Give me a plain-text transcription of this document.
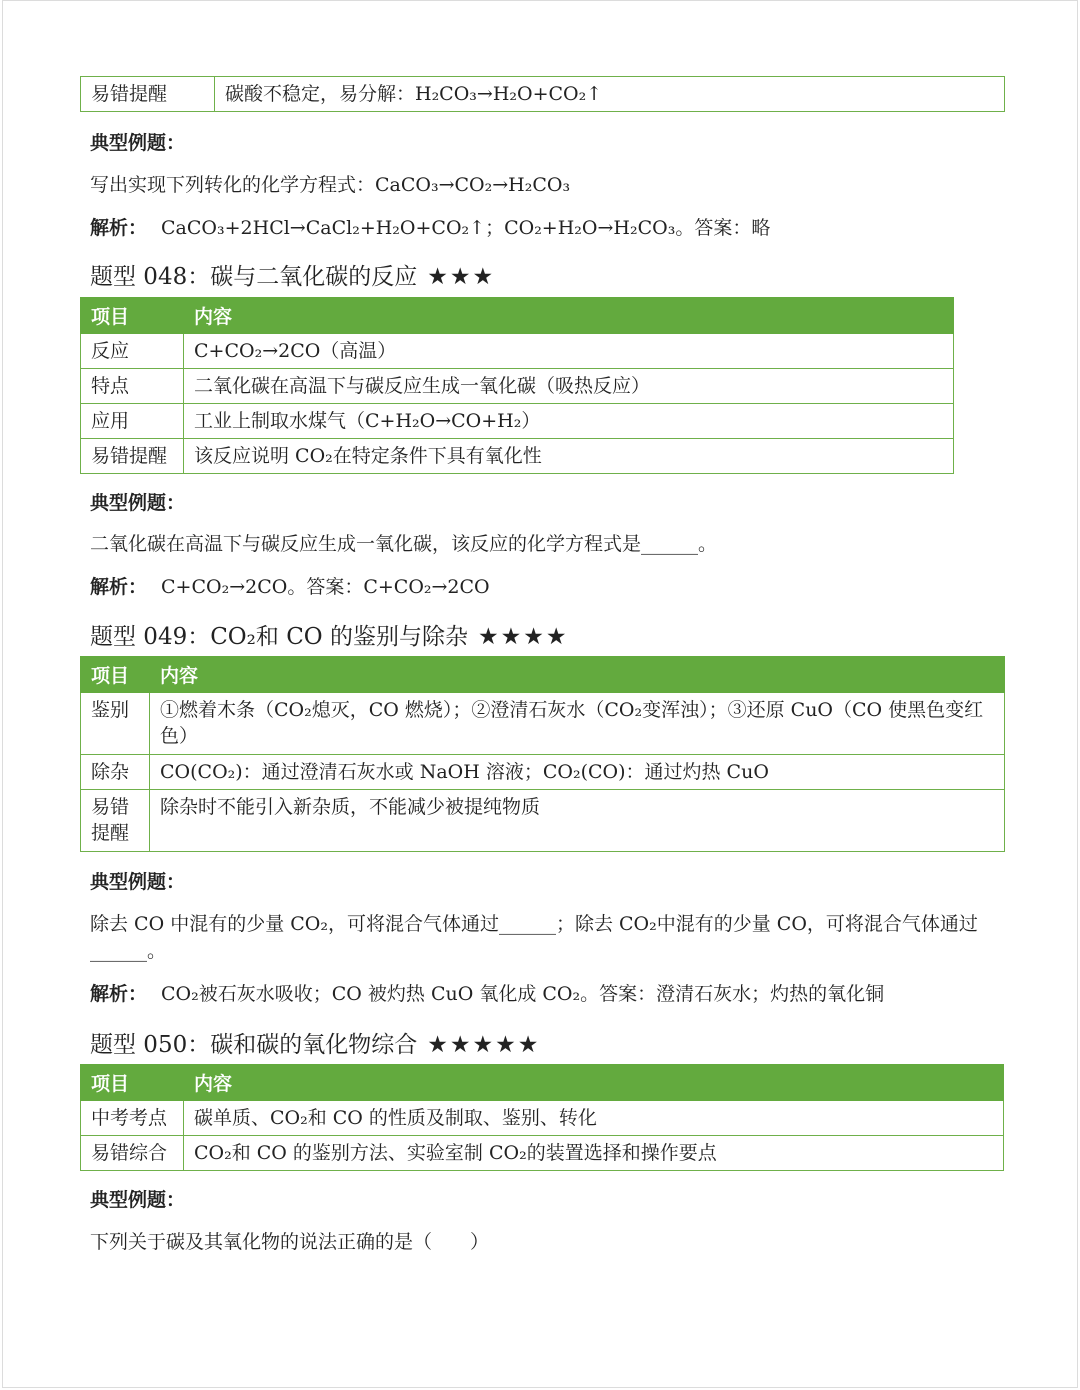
易错提醒	碳酸不稳定，易分解：H₂CO₃→H₂O+CO₂↑
典型例题：
写出实现下列转化的化学方程式：CaCO₃→CO₂→H₂CO₃
解析： CaCO₃+2HCl→CaCl₂+H₂O+CO₂↑；CO₂+H₂O→H₂CO₃。答案：略
题型 048：碳与二氧化碳的反应 ★★★
项目	内容
反应	C+CO₂→2CO（高温）
特点	二氧化碳在高温下与碳反应生成一氧化碳（吸热反应）
应用	工业上制取水煤气（C+H₂O→CO+H₂）
易错提醒	该反应说明 CO₂在特定条件下具有氧化性
典型例题：
二氧化碳在高温下与碳反应生成一氧化碳，该反应的化学方程式是______。
解析： C+CO₂→2CO。答案：C+CO₂→2CO
题型 049：CO₂和 CO 的鉴别与除杂 ★★★★
项目	内容
鉴别	①燃着木条（CO₂熄灭，CO 燃烧）；②澄清石灰水（CO₂变浑浊）；③还原 CuO（CO 使黑色变红色）
除杂	CO(CO₂)：通过澄清石灰水或 NaOH 溶液；CO₂(CO)：通过灼热 CuO
易错提醒	除杂时不能引入新杂质，不能减少被提纯物质
典型例题：
除去 CO 中混有的少量 CO₂，可将混合气体通过______；除去 CO₂中混有的少量 CO，可将混合气体通过______。
解析： CO₂被石灰水吸收；CO 被灼热 CuO 氧化成 CO₂。答案：澄清石灰水；灼热的氧化铜
题型 050：碳和碳的氧化物综合 ★★★★★
项目	内容
中考考点	碳单质、CO₂和 CO 的性质及制取、鉴别、转化
易错综合	CO₂和 CO 的鉴别方法、实验室制 CO₂的装置选择和操作要点
典型例题：
下列关于碳及其氧化物的说法正确的是（　　）
